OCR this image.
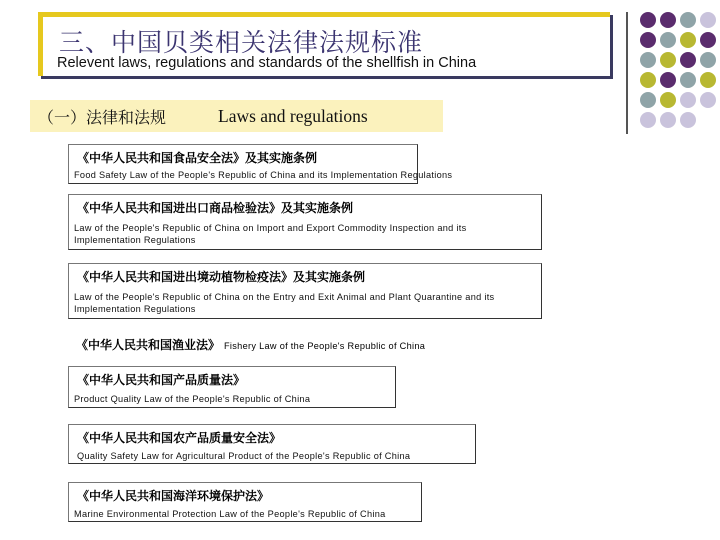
三、中国贝类相关法律法规标准
Relevent laws, regulations and standards of the shellfish in China
（一）法律和法规	Laws and regulations
《中华人民共和国食品安全法》及其实施条例
Food Safety Law of the People's Republic of China and its Implementation Regulations
《中华人民共和国进出口商品检验法》及其实施条例
Law of the People's Republic of China on Import and Export Commodity Inspection and its Implementation Regulations
《中华人民共和国进出境动植物检疫法》及其实施条例
Law of the People's Republic of China on the Entry and Exit Animal and Plant Quarantine and its Implementation Regulations
《中华人民共和国渔业法》 Fishery Law of the People's Republic of China
《中华人民共和国产品质量法》
Product Quality Law of the People's Republic of China
《中华人民共和国农产品质量安全法》
Quality Safety Law for Agricultural Product of the People's Republic of China
《中华人民共和国海洋环境保护法》
Marine Environmental Protection Law of the People's Republic of China
